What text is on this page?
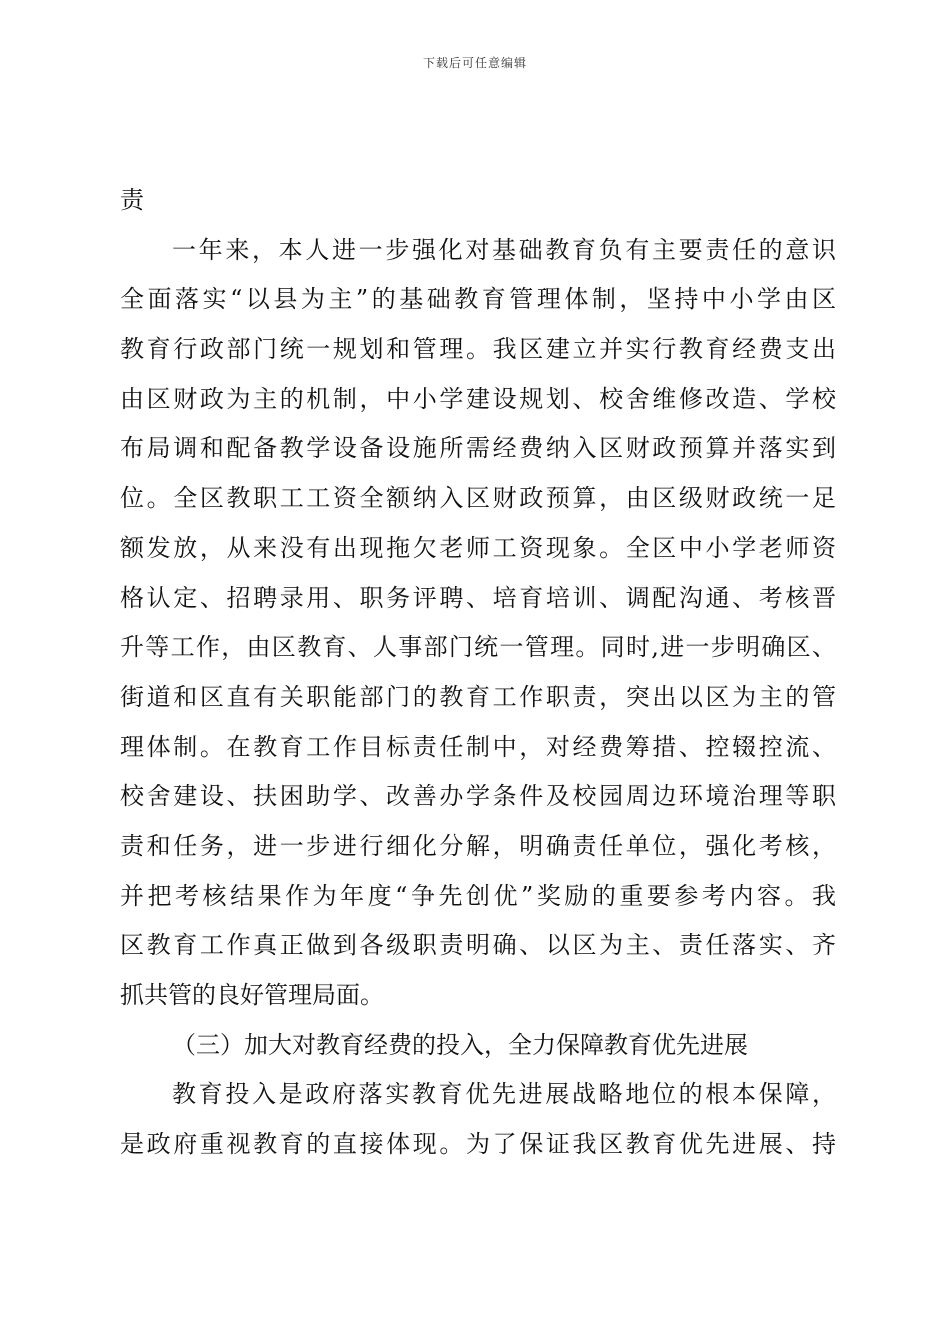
下载后可任意编辑
责
一年来，本人进一步强化对基础教育负有主要责任的意识
全面落实“以县为主”的基础教育管理体制，坚持中小学由区
教育行政部门统一规划和管理。我区建立并实行教育经费支出
由区财政为主的机制，中小学建设规划、校舍维修改造、学校
布局调和配备教学设备设施所需经费纳入区财政预算并落实到
位。全区教职工工资全额纳入区财政预算，由区级财政统一足
额发放，从来没有出现拖欠老师工资现象。全区中小学老师资
格认定、招聘录用、职务评聘、培育培训、调配沟通、考核晋
升等工作，由区教育、人事部门统一管理。同时,进一步明确区、
街道和区直有关职能部门的教育工作职责，突出以区为主的管
理体制。在教育工作目标责任制中，对经费筹措、控辍控流、
校舍建设、扶困助学、改善办学条件及校园周边环境治理等职
责和任务，进一步进行细化分解，明确责任单位，强化考核，
并把考核结果作为年度“争先创优”奖励的重要参考内容。我
区教育工作真正做到各级职责明确、以区为主、责任落实、齐
抓共管的良好管理局面。
（三）加大对教育经费的投入，全力保障教育优先进展
教育投入是政府落实教育优先进展战略地位的根本保障，
是政府重视教育的直接体现。为了保证我区教育优先进展、持
